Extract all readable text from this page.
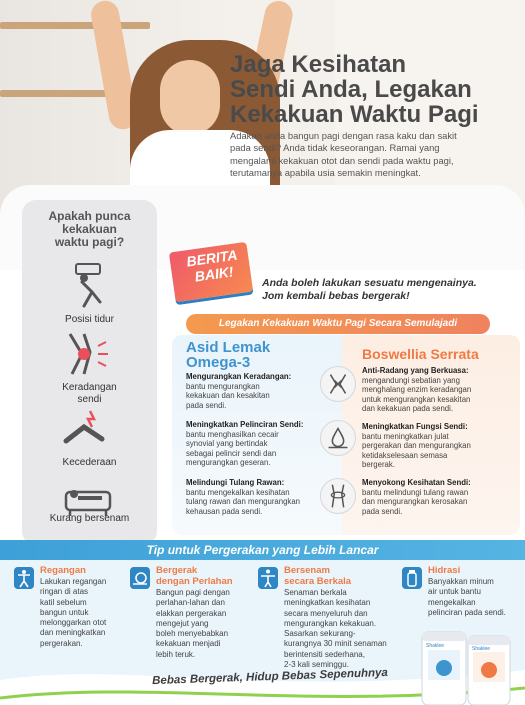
Jaga Kesihatan
Sendi Anda, Legakan
Kekakuan Waktu Pagi
Adakah anda bangun pagi dengan rasa kaku dan sakit
pada sendi? Anda tidak keseorangan. Ramai yang
mengalami kekakuan otot dan sendi pada waktu pagi,
terutamanya apabila usia semakin meningkat.
Apakah punca
kekakuan
waktu pagi?
Posisi tidur
Keradangan
sendi
Kecederaan
Kurang bersenam
BERITA
BAIK!	Anda boleh lakukan sesuatu mengenainya.
Jom kembali bebas bergerak!
Legakan Kekakuan Waktu Pagi Secara Semulajadi
Asid Lemak
Omega-3	Boswellia Serrata
Mengurangkan Keradangan:
bantu mengurangkan
kekakuan dan kesakitan
pada sendi.
Meningkatkan Pelinciran Sendi:
bantu menghasilkan cecair
synovial yang bertindak
sebagai pelincir sendi dan
mengurangkan geseran.
Melindungi Tulang Rawan:
bantu mengekalkan kesihatan
tulang rawan dan mengurangkan
kehausan pada sendi.
Anti-Radang yang Berkuasa:
mengandungi sebatian yang
menghalang enzim keradangan
untuk mengurangkan kesakitan
dan kekakuan pada sendi.
Meningkatkan Fungsi Sendi:
bantu meningkatkan julat
pergerakan dan mengurangkan
ketidakselesaan semasa
bergerak.
Menyokong Kesihatan Sendi:
bantu melindungi tulang rawan
dan mengurangkan kerosakan
pada sendi.
Tip untuk Pergerakan yang Lebih Lancar
Regangan
Lakukan regangan
ringan di atas
katil sebelum
bangun untuk
melonggarkan otot
dan meningkatkan
pergerakan.
Bergerak
dengan Perlahan
Bangun pagi dengan
perlahan-lahan dan
elakkan pergerakan
mengejut yang
boleh menyebabkan
kekakuan menjadi
lebih teruk.
Bersenam
secara Berkala
Senaman berkala
meningkatkan kesihatan
secara menyeluruh dan
mengurangkan kekakuan.
Sasarkan sekurang-
kurangnya 30 minit senaman
berintensiti sederhana,
2-3 kali seminggu.
Hidrasi
Banyakkan minum
air untuk bantu
mengekalkan
pelinciran pada sendi.
Bebas Bergerak, Hidup Bebas Sepenuhnya
Shaklee	Shaklee
